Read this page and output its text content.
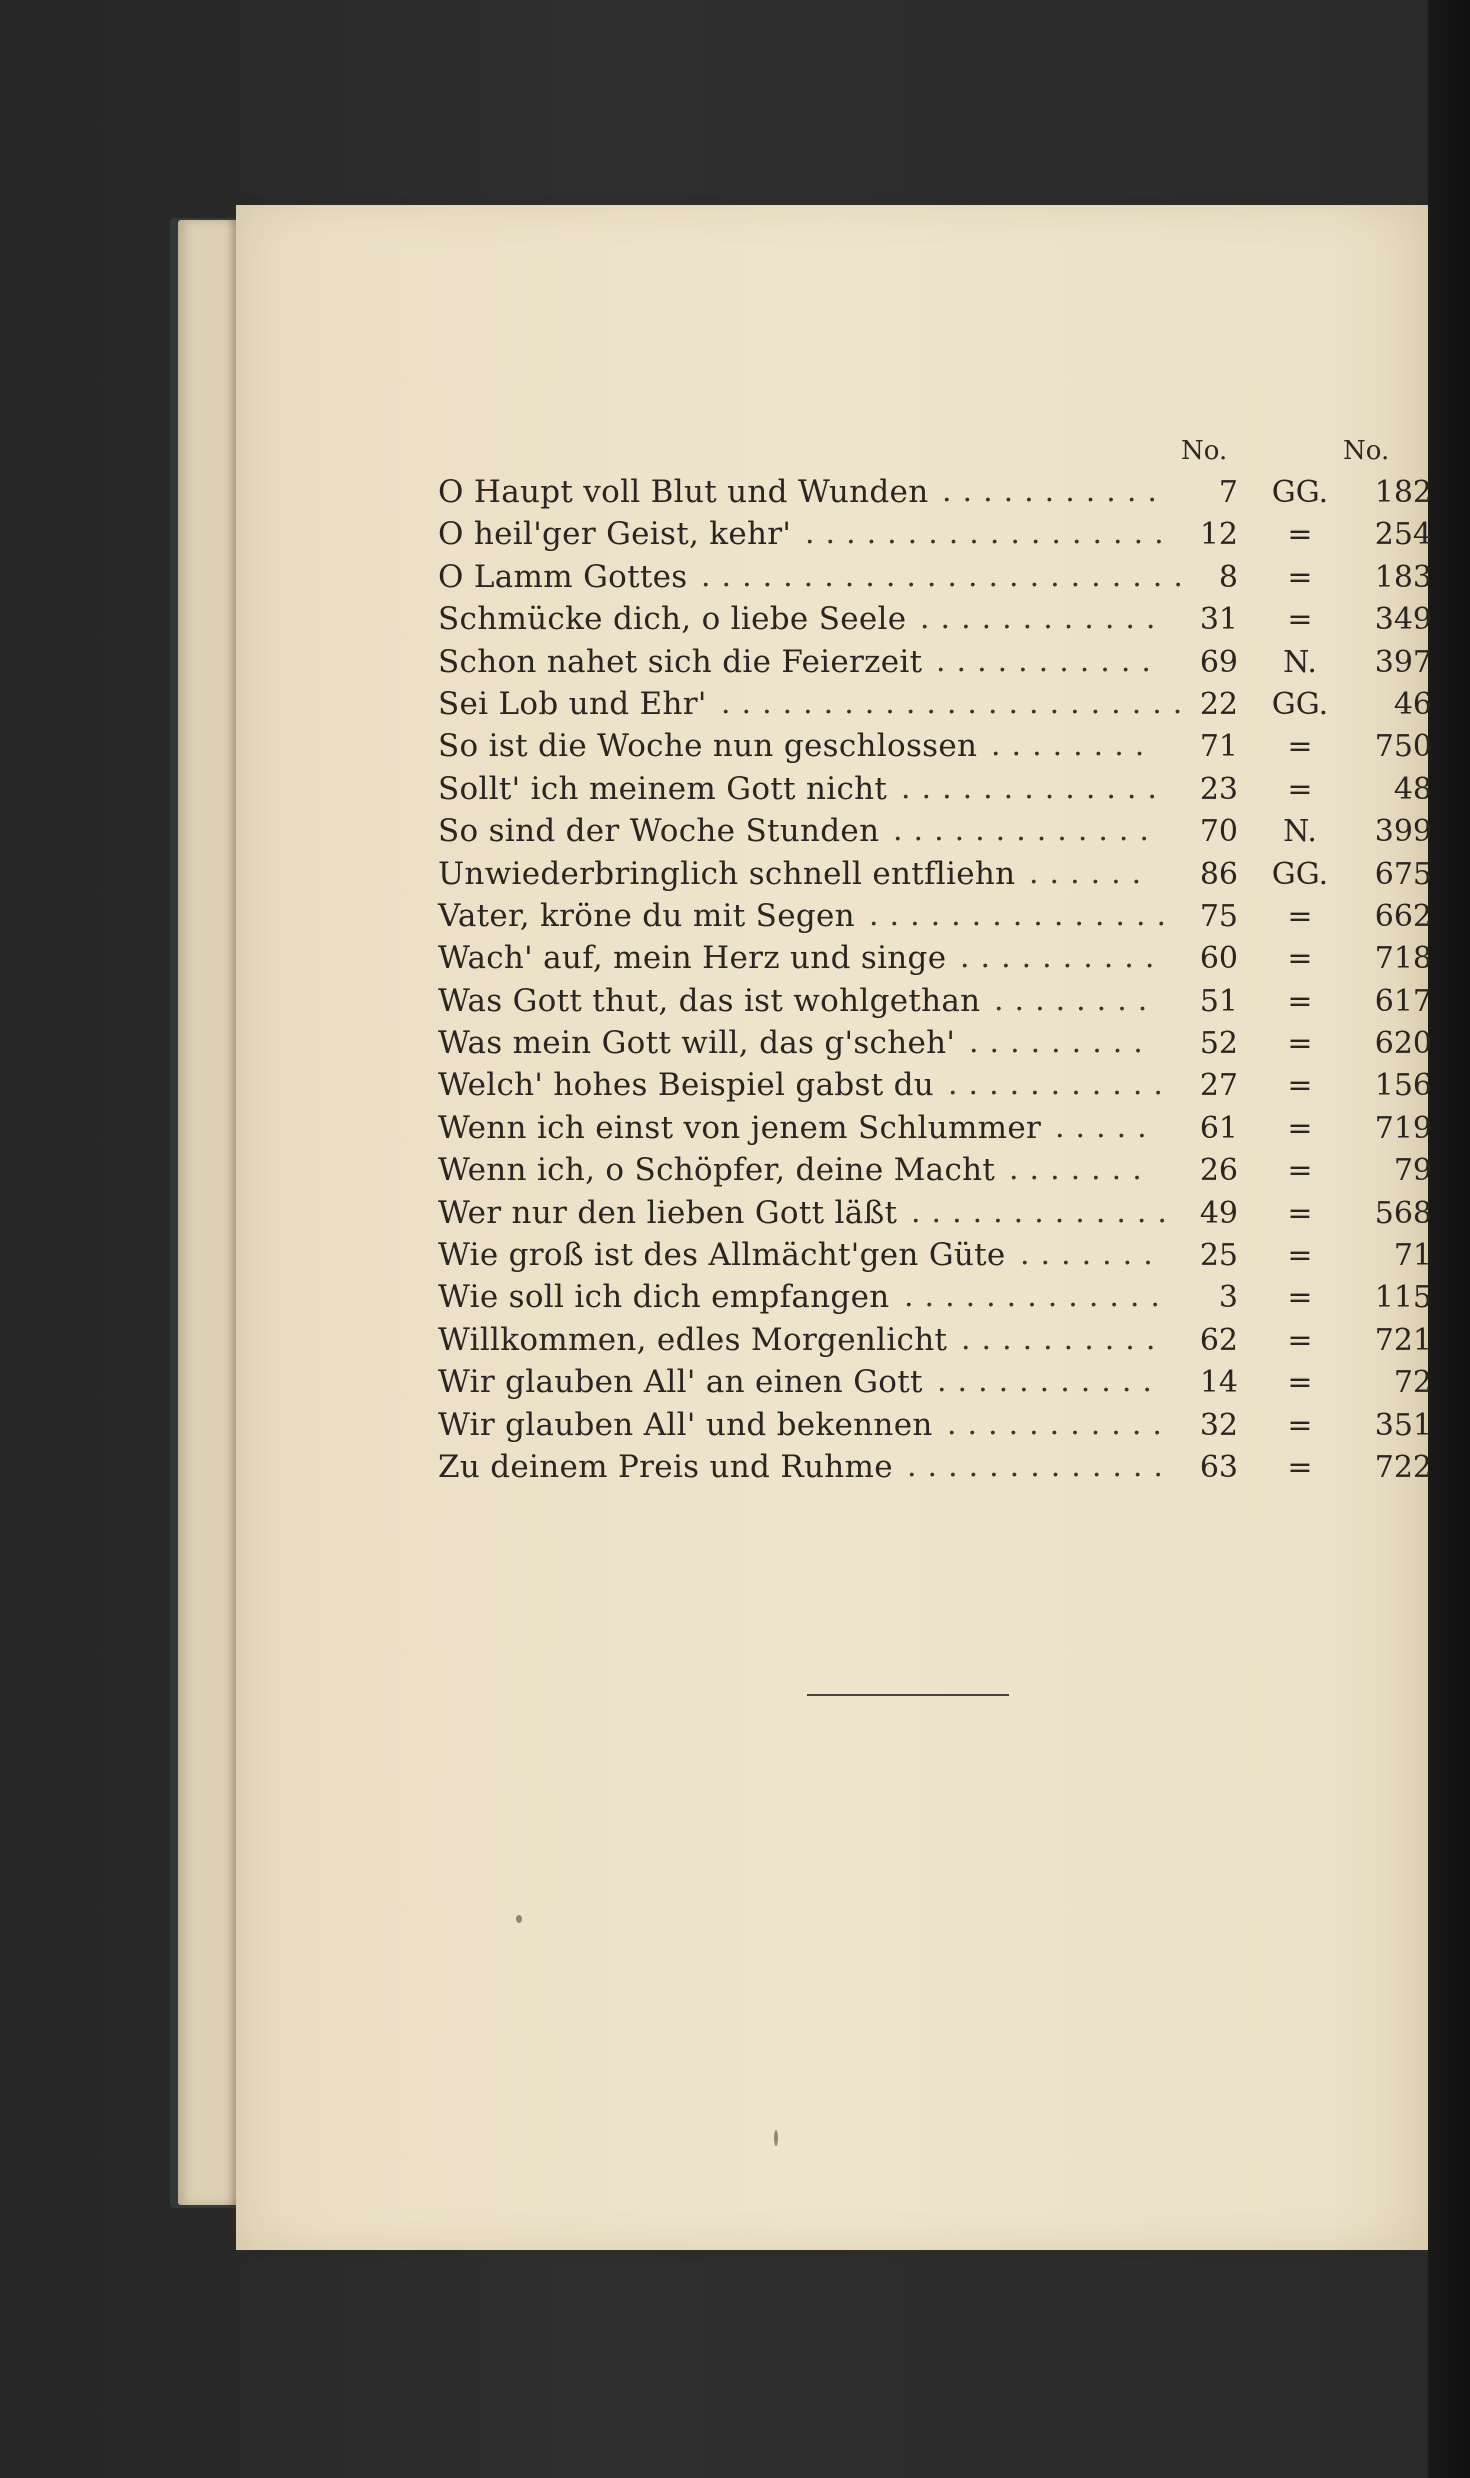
No.	No.
O Haupt voll Blut und Wunden ...........	7	GG.	182
O heil'ger Geist, kehr' .................. 12	=	254
O Lamm Gottes ........................ 8	=	183
Schmücke dich, o liebe Seele ............	31	=	349
Schon nahet sich die Feierzeit ...........	69	N.	397
Sei Lob und Ehr' ....................... 22	GG.	46
So ist die Woche nun geschlossen ........	71	=	750
Sollt' ich meinem Gott nicht .............	23	=	48
So sind der Woche Stunden .............	70	N.	399
Unwiederbringlich schnell entfliehn ......	86	GG.	675
Vater, kröne du mit Segen ............... 75	=	662
Wach' auf, mein Herz und singe ..........	60	=	718
Was Gott thut, das ist wohlgethan ........	51	=	617
Was mein Gott will, das g'scheh' .........	52	=	620
Welch' hohes Beispiel gabst du ........... 27	=	156
Wenn ich einst von jenem Schlummer .....	61	=	719
Wenn ich, o Schöpfer, deine Macht .......	26	=	79
Wer nur den lieben Gott läßt ............. 49	=	568
Wie groß ist des Allmächt'gen Güte .......	25	=	71
Wie soll ich dich empfangen .............	3	=	115
Willkommen, edles Morgenlicht ..........	62	=	721
Wir glauben All' an einen Gott ...........	14	=	72
Wir glauben All' und bekennen ........... 32	=	351
Zu deinem Preis und Ruhme ............. 63	=	722
